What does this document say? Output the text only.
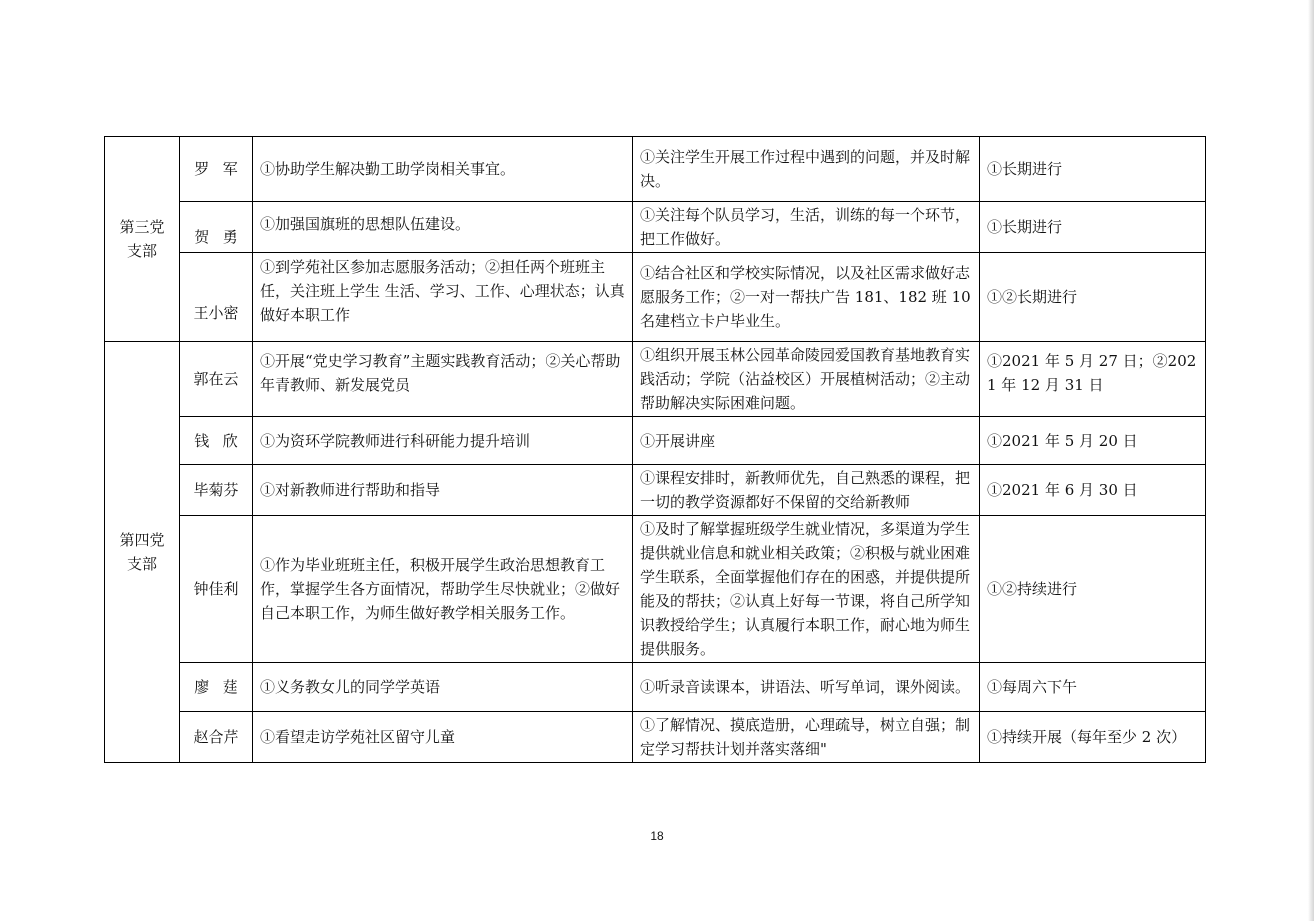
第三党
支部	罗军	①协助学生解决勤工助学岗相关事宜。	①关注学生开展工作过程中遇到的问题，并及时解决。	①长期进行
	贺勇	①加强国旗班的思想队伍建设。	①关注每个队员学习，生活，训练的每一个环节，把工作做好。	①长期进行
	王小密	①到学苑社区参加志愿服务活动；②担任两个班班主任，关注班上学生 生活、学习、工作、心理状态；认真做好本职工作	①结合社区和学校实际情况，以及社区需求做好志愿服务工作；②一对一帮扶广告 181、182 班 10 名建档立卡户毕业生。	①②长期进行
第四党
支部	郭在云	①开展“党史学习教育”主题实践教育活动；②关心帮助年青教师、新发展党员	①组织开展玉林公园革命陵园爱国教育基地教育实践活动；学院（沾益校区）开展植树活动；②主动帮助解决实际困难问题。	①2021 年 5 月 27 日；②2021 年 12 月 31 日
	钱欣	①为资环学院教师进行科研能力提升培训	①开展讲座	①2021 年 5 月 20 日
	毕菊芬	①对新教师进行帮助和指导	①课程安排时，新教师优先，自己熟悉的课程，把一切的教学资源都好不保留的交给新教师	①2021 年 6 月 30 日
	钟佳利	①作为毕业班班主任，积极开展学生政治思想教育工作，掌握学生各方面情况，帮助学生尽快就业；②做好自己本职工作，为师生做好教学相关服务工作。	①及时了解掌握班级学生就业情况，多渠道为学生提供就业信息和就业相关政策；②积极与就业困难学生联系，全面掌握他们存在的困惑，并提供提所能及的帮扶；②认真上好每一节课，将自己所学知识教授给学生；认真履行本职工作，耐心地为师生提供服务。	①②持续进行
	廖莛	①义务教女儿的同学学英语	①听录音读课本，讲语法、听写单词，课外阅读。	①每周六下午
	赵合芹	①看望走访学苑社区留守儿童	①了解情况、摸底造册，心理疏导，树立自强；制定学习帮扶计划并落实落细"	①持续开展（每年至少 2 次）
18
